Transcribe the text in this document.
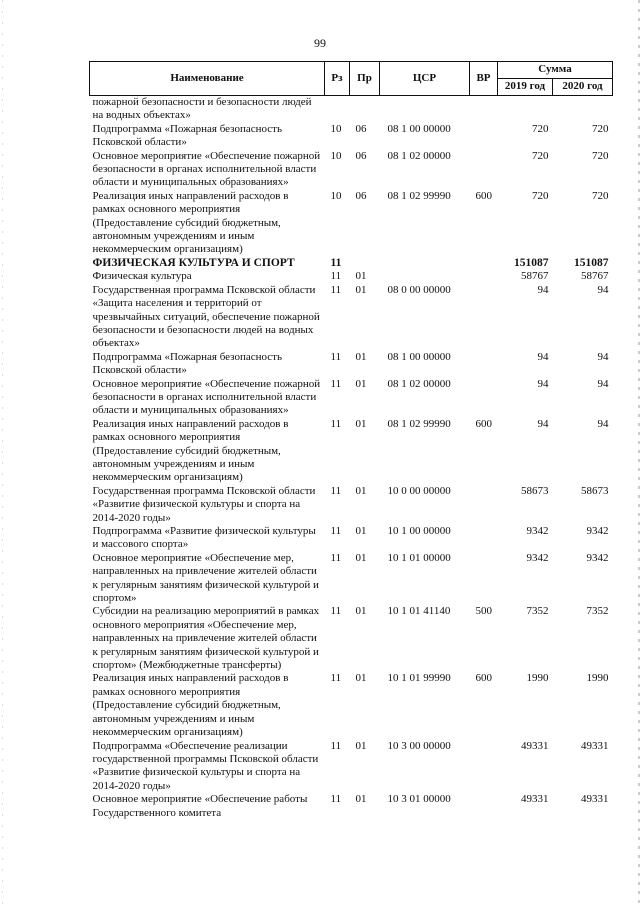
99
Наименование	Рз	Пр	ЦСР	ВР	Сумма	
					2019 год	2020 год
пожарной безопасности и безопасности людей на водных объектах»						
Подпрограмма «Пожарная безопасность Псковской области»	10	06	08 1 00 00000		720	720
Основное мероприятие «Обеспечение пожарной безопасности в органах исполнительной власти области и муниципальных образованиях»	10	06	08 1 02 00000		720	720
Реализация иных направлений расходов в рамках основного мероприятия (Предоставление субсидий бюджетным, автономным учреждениям и иным некоммерческим организациям)	10	06	08 1 02 99990	600	720	720
ФИЗИЧЕСКАЯ КУЛЬТУРА И СПОРТ	11				151087	151087
Физическая культура	11	01			58767	58767
Государственная программа Псковской области «Защита населения и территорий от чрезвычайных ситуаций, обеспечение пожарной безопасности и безопасности людей на водных объектах»	11	01	08 0 00 00000		94	94
Подпрограмма «Пожарная безопасность Псковской области»	11	01	08 1 00 00000		94	94
Основное мероприятие «Обеспечение пожарной безопасности в органах исполнительной власти области и муниципальных образованиях»	11	01	08 1 02 00000		94	94
Реализация иных направлений расходов в рамках основного мероприятия (Предоставление субсидий бюджетным, автономным учреждениям и иным некоммерческим организациям)	11	01	08 1 02 99990	600	94	94
Государственная программа Псковской области «Развитие физической культуры и спорта на 2014-2020 годы»	11	01	10 0 00 00000		58673	58673
Подпрограмма «Развитие физической культуры и массового спорта»	11	01	10 1 00 00000		9342	9342
Основное мероприятие «Обеспечение мер, направленных на привлечение жителей области к регулярным занятиям физической культурой и спортом»	11	01	10 1 01 00000		9342	9342
Субсидии на реализацию мероприятий в рамках основного мероприятия «Обеспечение мер, направленных на привлечение жителей области к регулярным занятиям физической культурой и спортом» (Межбюджетные трансферты)	11	01	10 1 01 41140	500	7352	7352
Реализация иных направлений расходов в рамках основного мероприятия (Предоставление субсидий бюджетным, автономным учреждениям и иным некоммерческим организациям)	11	01	10 1 01 99990	600	1990	1990
Подпрограмма «Обеспечение реализации государственной программы Псковской области «Развитие физической культуры и спорта на 2014-2020 годы»	11	01	10 3 00 00000		49331	49331
Основное мероприятие «Обеспечение работы Государственного комитета	11	01	10 3 01 00000		49331	49331
